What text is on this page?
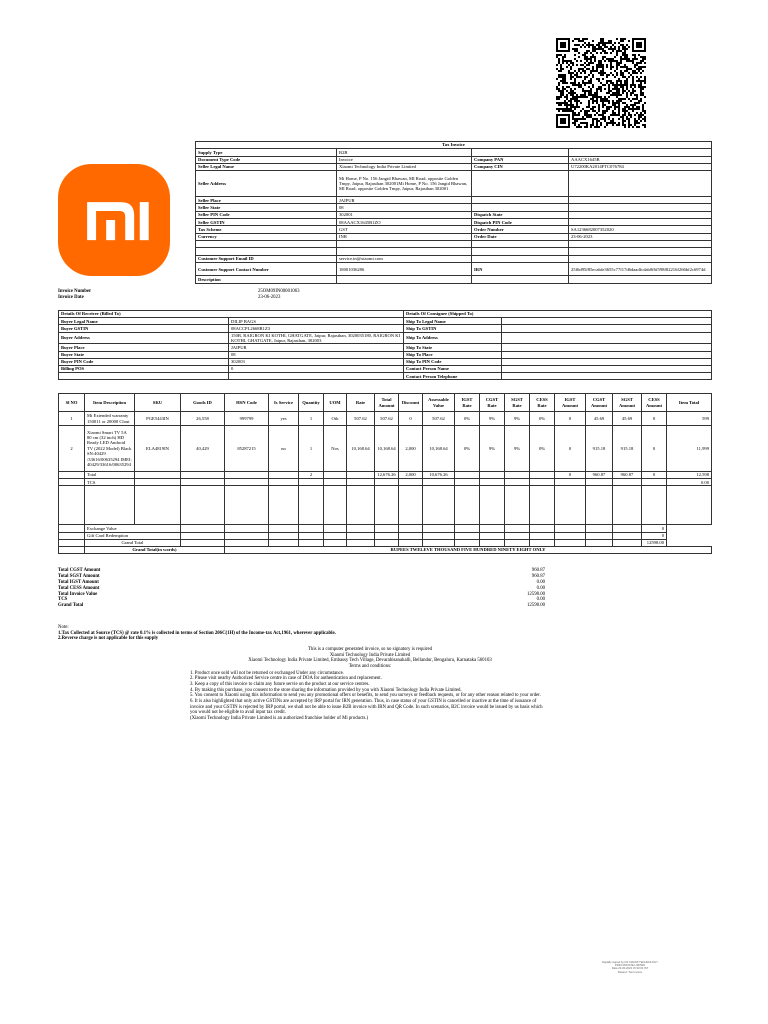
Tax Invoice			
Supply Type	B2B		
Document Type Code	Invoice	Company PAN	AAACX1645B
Seller Legal Name	Xiaomi Technology India Private Limited	Company CIN	U72200KA2014FTC076784
Seller Address	Mi Home, P No. 156 Jangid Bhawan, MI Road, opposite Golden Tmpy, Jaipur, Rajasthan 302001Mi Home, P No. 156 Jangid Bhawan, MI Road, opposite Golden Tmpy, Jaipur, Rajasthan 302001		
Seller Place	JAIPUR		
Seller State	08		
Seller PIN Code	302001	Dispatch State	
Seller GSTIN	08AAACX1645B1ZO	Dispatch PIN Code	
Tax Scheme	GST	Order Number	SA1236682007352020
Currency	INR	Order Date	23-06-2023

Customer Support Email ID	service.in@xiaomi.com		
Customer Support Contact Number	18001036286	IRN	25f6d95f85ecabfe3655c77f17d6daadfcdab0f6f598f82216f266bf2c6974d
Description			
Invoice Number	25OM09IN00001063
Invoice Date	23-06-2023
Details Of Receiver (Billed To)		Details Of Consignee (Shipped To)	
Buyer Legal Name	DILIP BAGS	Ship To Legal Name	
Buyer GSTIN	08ACCPL2668R1Z3	Ship To GSTIN	
Buyer Address	150B, RAIGRON KI KOTHI, GHATGATE, Jaipur, Rajasthan, 3020035180, RAIGRON KI KOTHI, GHATGATE, Jaipur, Rajasthan, 302003	Ship To Address	
Buyer Place	JAIPUR	Ship To State	
Buyer State	08	Ship To Place	
Buyer PIN Code	302003	Ship To PIN Code	
Billing POS	0	Contact Person Name	
		Contact Person Telephone	
Sl NO	Item Description	SKU	Goods ID	HSN Code	Is Service	Quantity	UOM	Rate	Total Amount	Discount	Assessable Value	IGST Rate	CGST Rate	SGST Rate	CESS Rate	IGST Amount	CGST Amount	SGST Amount	CESS Amount	Item Total
1	Mi Extended warranty 150011 or 20000 Clout	PGE5443IN	26,558	999799	yes	1	Oth	507.62	507.62	0	507.62	0%	9%	9%	0%	0	45.69	45.69	0	599
2	Xiaomi Smart TV 5A 80 cm (32 inch) HD Ready LED Android TV (2022 Model) Black SN:40429 /33616/00635294 IMEI: 40429/33616/00635294	ELA4819IN	40,429	85287215	no	1	Nos	10,168.64	10,168.64	2,000	10,168.64	0%	9%	9%	0%	0	915.18	915.18	0	11,999
	Total					2			12,676.26	2,000	10,676.26					0	960.87	960.87	0	12,598
	TCS																			0.00

	Exchange Value																		0	
	Gift Card Redemption																		0	
	Grand Total																		12598.00	
	Grand Total(in words)			RUPEES TWELEVE THOUSAND FIVE HUNDRED NINETY EIGHT ONLY																
Total CGST Amount	960.87
Total SGST Amount	960.87
Total IGST Amount	0.00
Total CESS Amount	0.00
Total Invoice Value	12598.00
TCS	0.00
Grand Total	12598.00
Note:
1.Tax Collected at Source (TCS) @ rate 0.1% is collected in terms of Section 206C(1H) of the Income-tax Act,1961, wherever applicable.
2.Reverse charge is not applicable for this supply
This is a computer generated invoice, so no signatory is required
Xiaomi Technology India Private Limited
Xiaomi Technology India Private Limited, Embassy Tech Village, Devarabisanahalli, Bellandur, Bengaluru, Karnataka 560103
Terms and conditions:
1. Product once sold will not be returned or exchanged Under any circumstance.
2. Please visit nearby Authorized Service centre in case of DOA for authentication and replacement.
3. Keep a copy of this invoice to claim any future servie on the product at our service centres.
4. By making this purchase, you consent to the store sharing the information provided by you with Xiaomi Technology India Private Limited.
5. You consent to Xiaomi using this information to send you any promotional offers or benefits, to send you surveys or feedback requests, or for any other reason related to your order.
6. It is also highlighted that only active GSTINs are accepted by IRP portal for IRN generation. Thus, in case status of your GSTIN is cancelled or inactive at the time of issuance of invoice and your GSTIN is rejected by IRP portal, we shall not be able to issue B2B invoice with IRN and QR Code. In such scenarios, B2C invoice would be issued by us basis which you would not be eligible to avail input tax credit.
(Xiaomi Technology India Private Limited is an authorized franchise holder of Mi products.)
Digitally signed by DS XIAOMI TECHNOLOGY
INDIA PRIVATE LIMITED
Date:23-06-2023 15:33:00 IST
Reason: Tax Invoice
